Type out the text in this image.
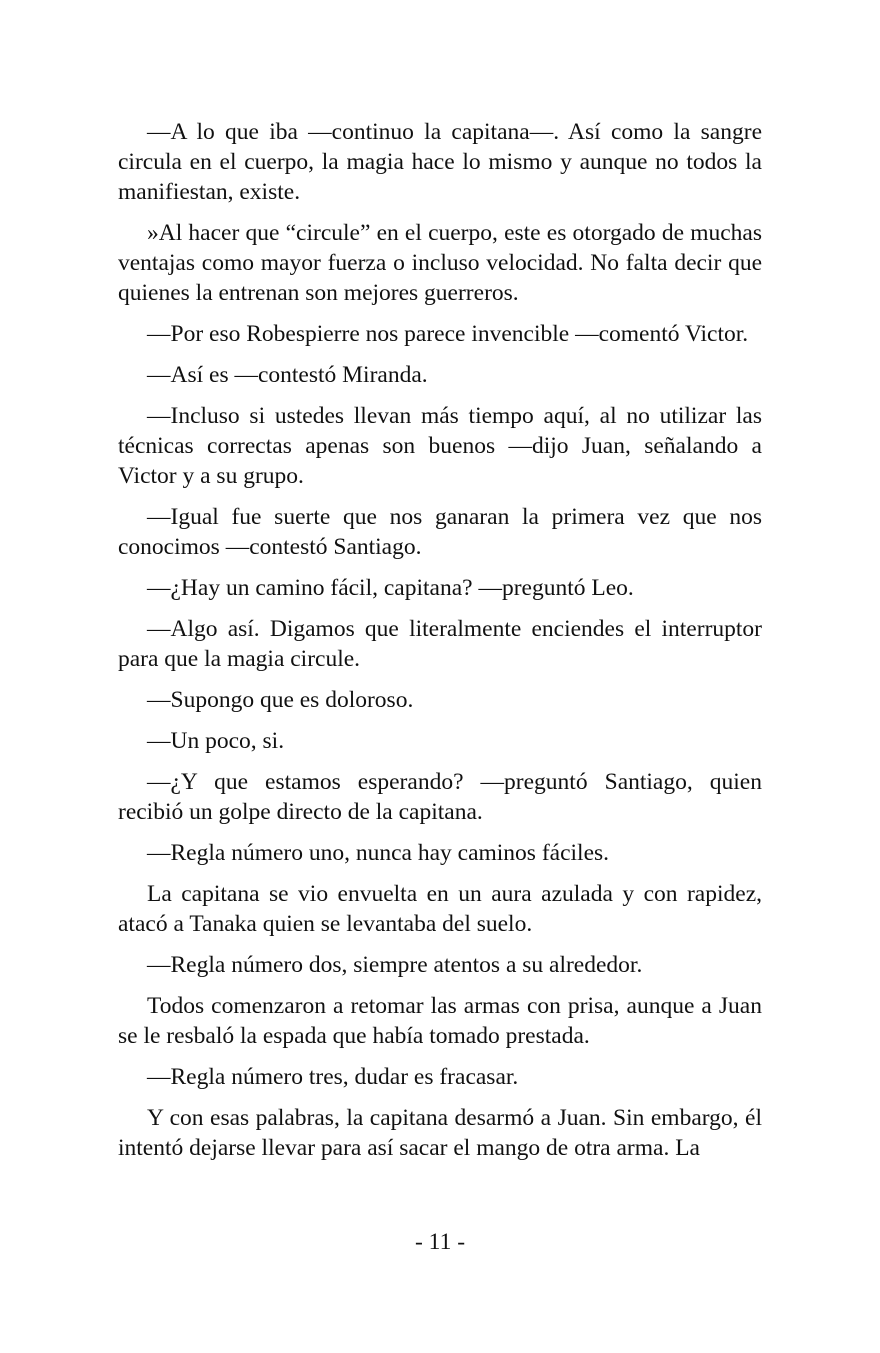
—A lo que iba —continuo la capitana—. Así como la sangre circula en el cuerpo, la magia hace lo mismo y aunque no todos la manifiestan, existe.

»Al hacer que “circule” en el cuerpo, este es otorgado de muchas ventajas como mayor fuerza o incluso velocidad. No falta decir que quienes la entrenan son mejores guerreros.

—Por eso Robespierre nos parece invencible —comentó Victor.

—Así es —contestó Miranda.

—Incluso si ustedes llevan más tiempo aquí, al no utilizar las técnicas correctas apenas son buenos —dijo Juan, señalando a Victor y a su grupo.

—Igual fue suerte que nos ganaran la primera vez que nos conocimos —contestó Santiago.

—¿Hay un camino fácil, capitana? —preguntó Leo.

—Algo así. Digamos que literalmente enciendes el interruptor para que la magia circule.

—Supongo que es doloroso.

—Un poco, si.

—¿Y que estamos esperando? —preguntó Santiago, quien recibió un golpe directo de la capitana.

—Regla número uno, nunca hay caminos fáciles.

La capitana se vio envuelta en un aura azulada y con rapidez, atacó a Tanaka quien se levantaba del suelo.

—Regla número dos, siempre atentos a su alrededor.

Todos comenzaron a retomar las armas con prisa, aunque a Juan se le resbaló la espada que había tomado prestada.

—Regla número tres, dudar es fracasar.

Y con esas palabras, la capitana desarmó a Juan. Sin embargo, él intentó dejarse llevar para así sacar el mango de otra arma. La

- 11 -
